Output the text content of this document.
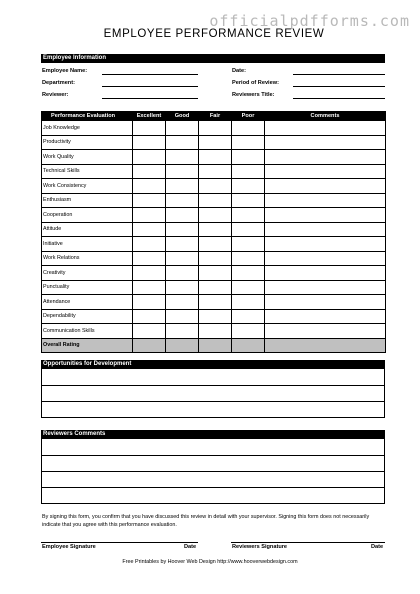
officialpdfforms.com
EMPLOYEE PERFORMANCE REVIEW
Employee Information
Employee Name:	Date:
Department:	Period of Review:
Reviewer:	Reviewers Title:
Performance Evaluation	Excellent	Good	Fair	Poor	Comments
Job Knowledge					
Productivity					
Work Quality					
Technical Skills					
Work Consistency					
Enthusiasm					
Cooperation					
Attitude					
Initiative					
Work Relations					
Creativity					
Punctuality					
Attendance					
Dependability					
Communication Skills					
Overall Rating					
Opportunities for Development
Reviewers Comments
By signing this form, you confirm that you have discussed this review in detail with your supervisor. Signing this form does not necessarily indicate that you agree with this performance evaluation.
Employee Signature	Date	Reviewers Signature	Date
Free Printables by Hoover Web Design http://www.hooverwebdesign.com
